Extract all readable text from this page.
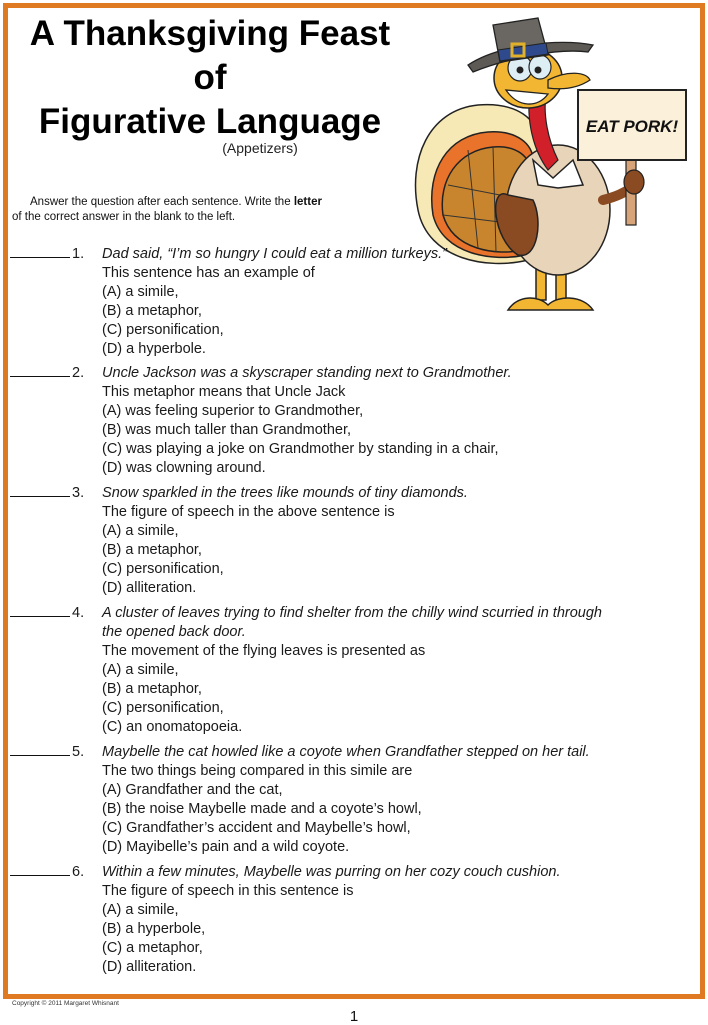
A Thanksgiving Feast
of
Figurative Language
(Appetizers)
Answer the question after each sentence. Write the letter
of the correct answer in the blank to the left.
EAT PORK!
1. Dad said, “I’m so hungry I could eat a million turkeys.”
This sentence has an example of
(A) a simile,
(B) a metaphor,
(C) personification,
(D) a hyperbole.
2. Uncle Jackson was a skyscraper standing next to Grandmother.
This metaphor means that Uncle Jack
(A) was feeling superior to Grandmother,
(B) was much taller than Grandmother,
(C) was playing a joke on Grandmother by standing in a chair,
(D) was clowning around.
3. Snow sparkled in the trees like mounds of tiny diamonds.
The figure of speech in the above sentence is
(A) a simile,
(B) a metaphor,
(C) personification,
(D) alliteration.
4. A cluster of leaves trying to find shelter from the chilly wind scurried in through
the opened back door.
The movement of the flying leaves is presented as
(A) a simile,
(B) a metaphor,
(C) personification,
(C) an onomatopoeia.
5. Maybelle the cat howled like a coyote when Grandfather stepped on her tail.
The two things being compared in this simile are
(A) Grandfather and the cat,
(B) the noise Maybelle made and a coyote’s howl,
(C) Grandfather’s accident and Maybelle’s howl,
(D) Mayibelle’s pain and a wild coyote.
6. Within a few minutes, Maybelle was purring on her cozy couch cushion.
The figure of speech in this sentence is
(A) a simile,
(B) a hyperbole,
(C) a metaphor,
(D) alliteration.
Copyright © 2011 Margaret Whisnant
1
